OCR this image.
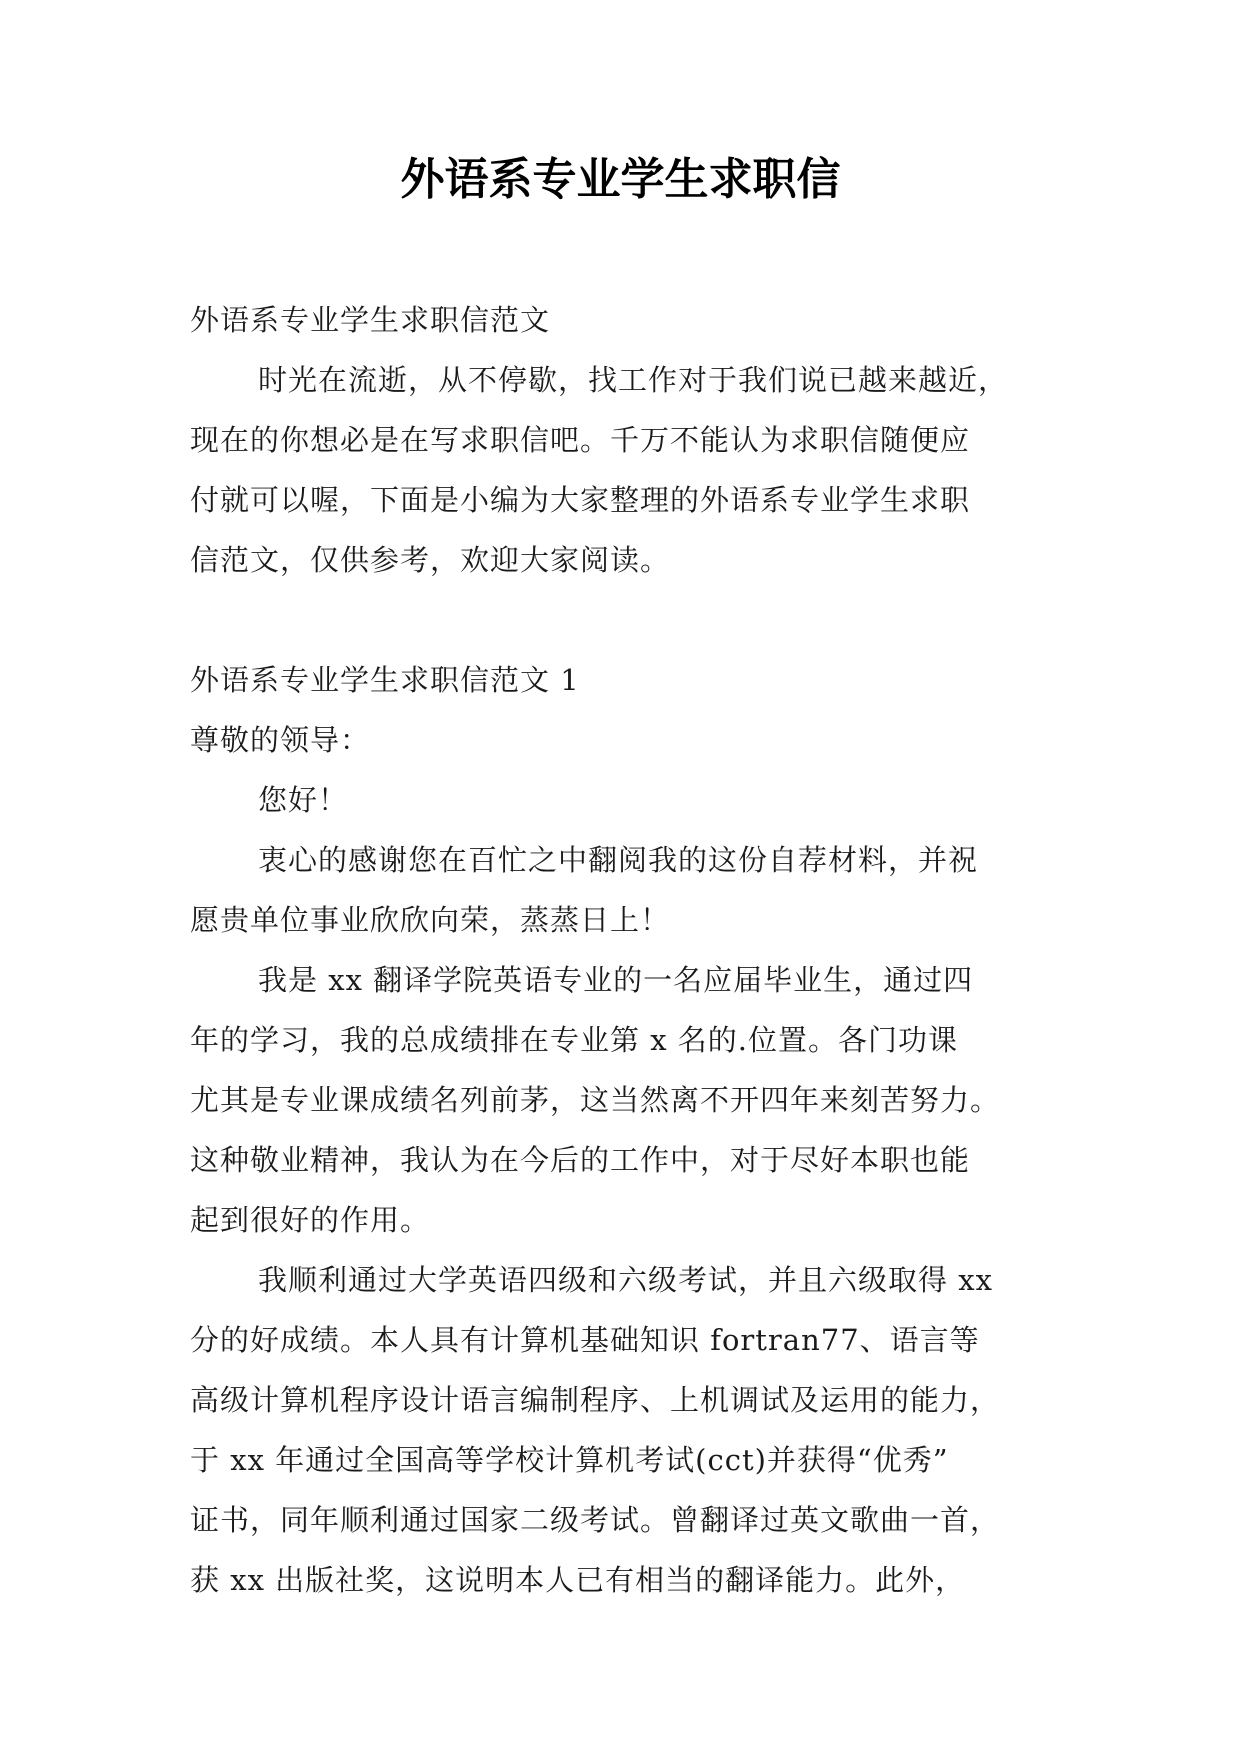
外语系专业学生求职信

外语系专业学生求职信范文

时光在流逝，从不停歇，找工作对于我们说已越来越近，

现在的你想必是在写求职信吧。千万不能认为求职信随便应

付就可以喔，下面是小编为大家整理的外语系专业学生求职

信范文，仅供参考，欢迎大家阅读。

外语系专业学生求职信范文 1

尊敬的领导：

您好！

衷心的感谢您在百忙之中翻阅我的这份自荐材料，并祝

愿贵单位事业欣欣向荣，蒸蒸日上！

我是 xx 翻译学院英语专业的一名应届毕业生，通过四

年的学习，我的总成绩排在专业第 x 名的.位置。各门功课

尤其是专业课成绩名列前茅，这当然离不开四年来刻苦努力。

这种敬业精神，我认为在今后的工作中，对于尽好本职也能

起到很好的作用。

我顺利通过大学英语四级和六级考试，并且六级取得 xx

分的好成绩。本人具有计算机基础知识 fortran77、语言等

高级计算机程序设计语言编制程序、上机调试及运用的能力，

于 xx 年通过全国高等学校计算机考试(cct)并获得“优秀”

证书，同年顺利通过国家二级考试。曾翻译过英文歌曲一首，

获 xx 出版社奖，这说明本人已有相当的翻译能力。此外，
